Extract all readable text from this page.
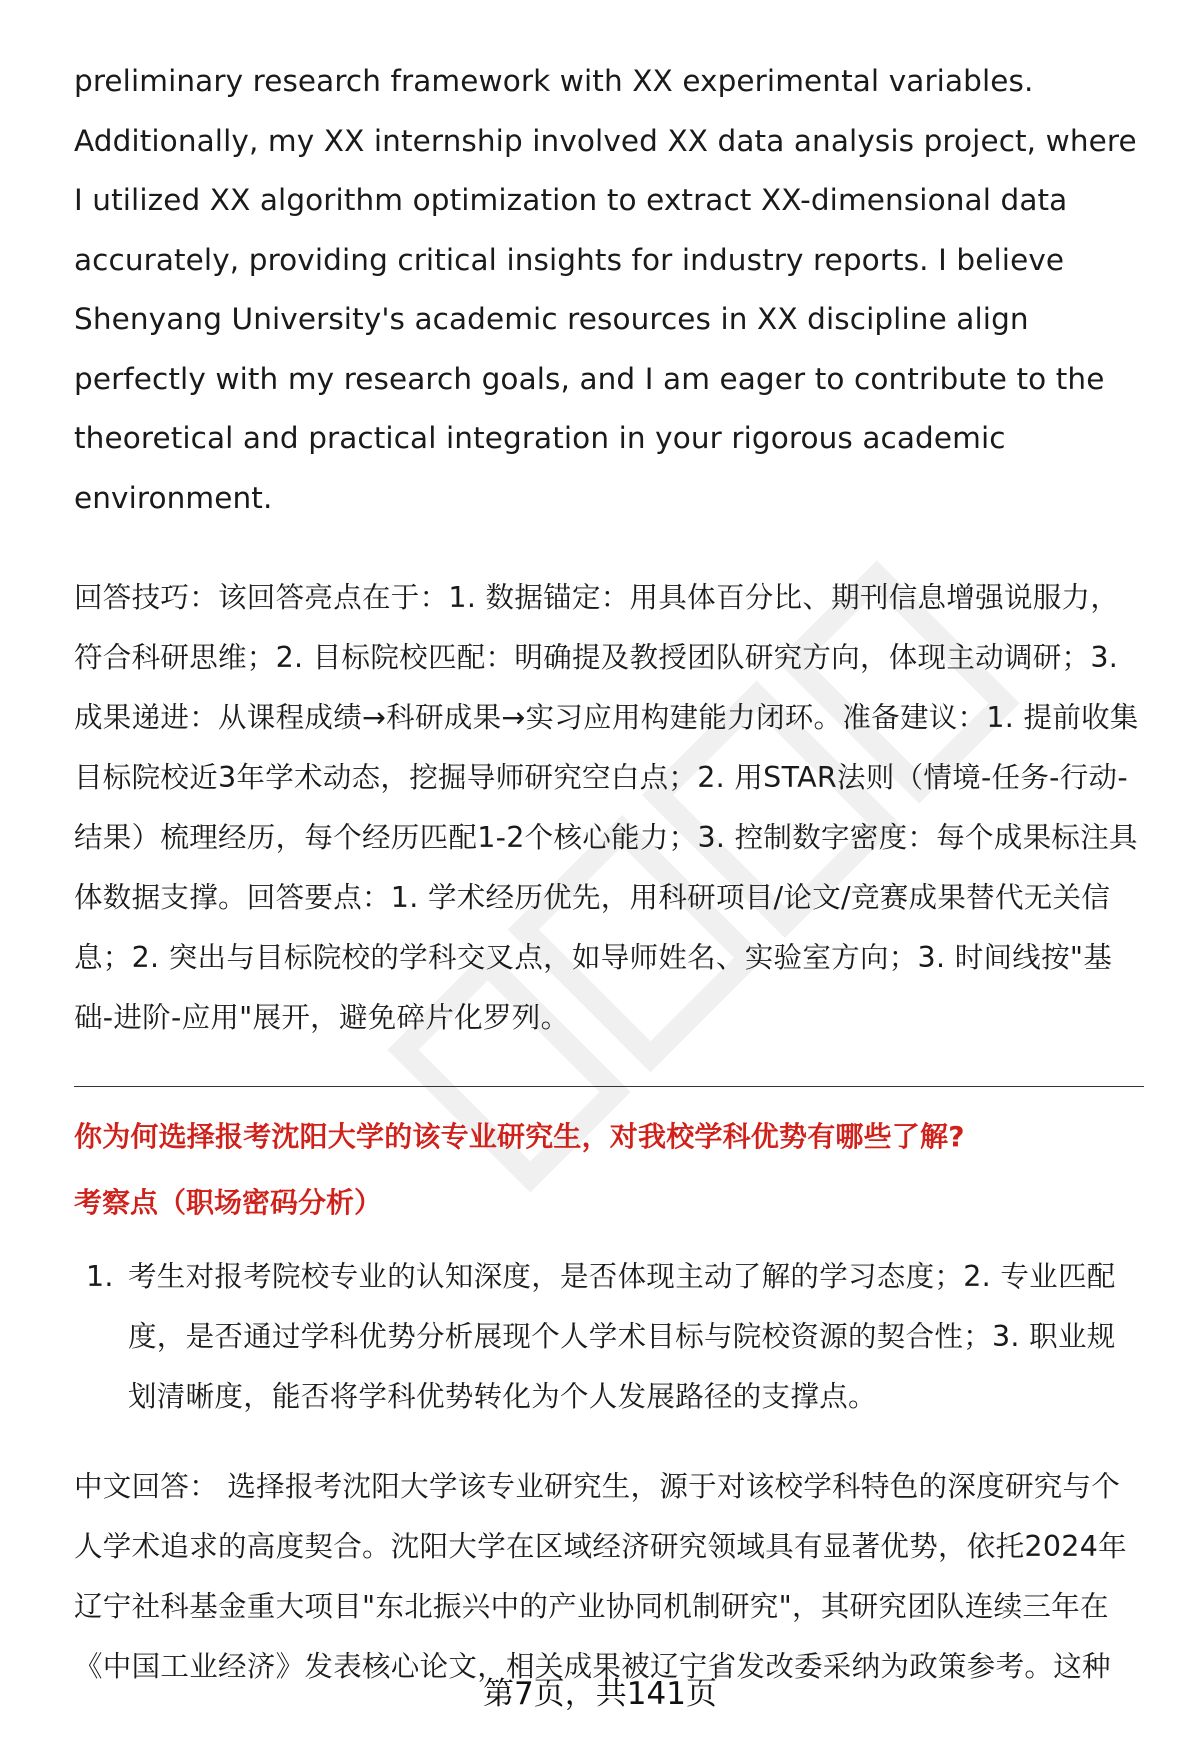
preliminary research framework with XX experimental variables. Additionally, my XX internship involved XX data analysis project, where I utilized XX algorithm optimization to extract XX-dimensional data accurately, providing critical insights for industry reports. I believe Shenyang University's academic resources in XX discipline align perfectly with my research goals, and I am eager to contribute to the theoretical and practical integration in your rigorous academic environment.

回答技巧：该回答亮点在于：1. 数据锚定：用具体百分比、期刊信息增强说服力，符合科研思维；2. 目标院校匹配：明确提及教授团队研究方向，体现主动调研；3. 成果递进：从课程成绩→科研成果→实习应用构建能力闭环。准备建议：1. 提前收集目标院校近3年学术动态，挖掘导师研究空白点；2. 用STAR法则（情境-任务-行动-结果）梳理经历，每个经历匹配1-2个核心能力；3. 控制数字密度：每个成果标注具体数据支撑。回答要点：1. 学术经历优先，用科研项目/论文/竞赛成果替代无关信息；2. 突出与目标院校的学科交叉点，如导师姓名、实验室方向；3. 时间线按"基础-进阶-应用"展开，避免碎片化罗列。

你为何选择报考沈阳大学的该专业研究生，对我校学科优势有哪些了解?
考察点（职场密码分析）
1. 考生对报考院校专业的认知深度，是否体现主动了解的学习态度；2. 专业匹配度，是否通过学科优势分析展现个人学术目标与院校资源的契合性；3. 职业规划清晰度，能否将学科优势转化为个人发展路径的支撑点。

中文回答： 选择报考沈阳大学该专业研究生，源于对该校学科特色的深度研究与个人学术追求的高度契合。沈阳大学在区域经济研究领域具有显著优势，依托2024年辽宁社科基金重大项目"东北振兴中的产业协同机制研究"，其研究团队连续三年在《中国工业经济》发表核心论文，相关成果被辽宁省发改委采纳为政策参考。这种

第7页，共141页
